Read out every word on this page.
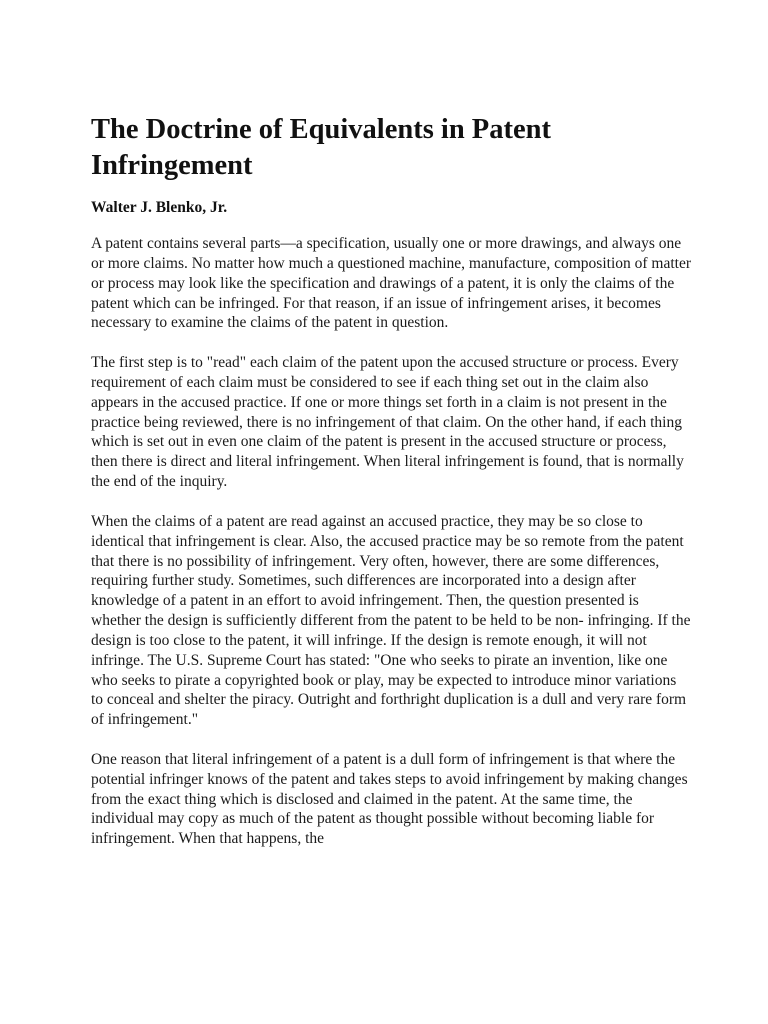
The Doctrine of Equivalents in Patent Infringement
Walter J. Blenko, Jr.

A patent contains several parts—a specification, usually one or more drawings, and always one or more claims. No matter how much a questioned machine, manufacture, composition of matter or process may look like the specification and drawings of a patent, it is only the claims of the patent which can be infringed. For that reason, if an issue of infringement arises, it becomes necessary to examine the claims of the patent in question.

The first step is to "read" each claim of the patent upon the accused structure or process. Every requirement of each claim must be considered to see if each thing set out in the claim also appears in the accused practice. If one or more things set forth in a claim is not present in the practice being reviewed, there is no infringement of that claim. On the other hand, if each thing which is set out in even one claim of the patent is present in the accused structure or process, then there is direct and literal infringement. When literal infringement is found, that is normally the end of the inquiry.

When the claims of a patent are read against an accused practice, they may be so close to identical that infringement is clear. Also, the accused practice may be so remote from the patent that there is no possibility of infringement. Very often, however, there are some differences, requiring further study. Sometimes, such differences are incorporated into a design after knowledge of a patent in an effort to avoid infringement. Then, the question presented is whether the design is sufficiently different from the patent to be held to be non- infringing. If the design is too close to the patent, it will infringe. If the design is remote enough, it will not infringe. The U.S. Supreme Court has stated: "One who seeks to pirate an invention, like one who seeks to pirate a copyrighted book or play, may be expected to introduce minor variations to conceal and shelter the piracy. Outright and forthright duplication is a dull and very rare form of infringement."

One reason that literal infringement of a patent is a dull form of infringement is that where the potential infringer knows of the patent and takes steps to avoid infringement by making changes from the exact thing which is disclosed and claimed in the patent. At the same time, the individual may copy as much of the patent as thought possible without becoming liable for infringement. When that happens, the
